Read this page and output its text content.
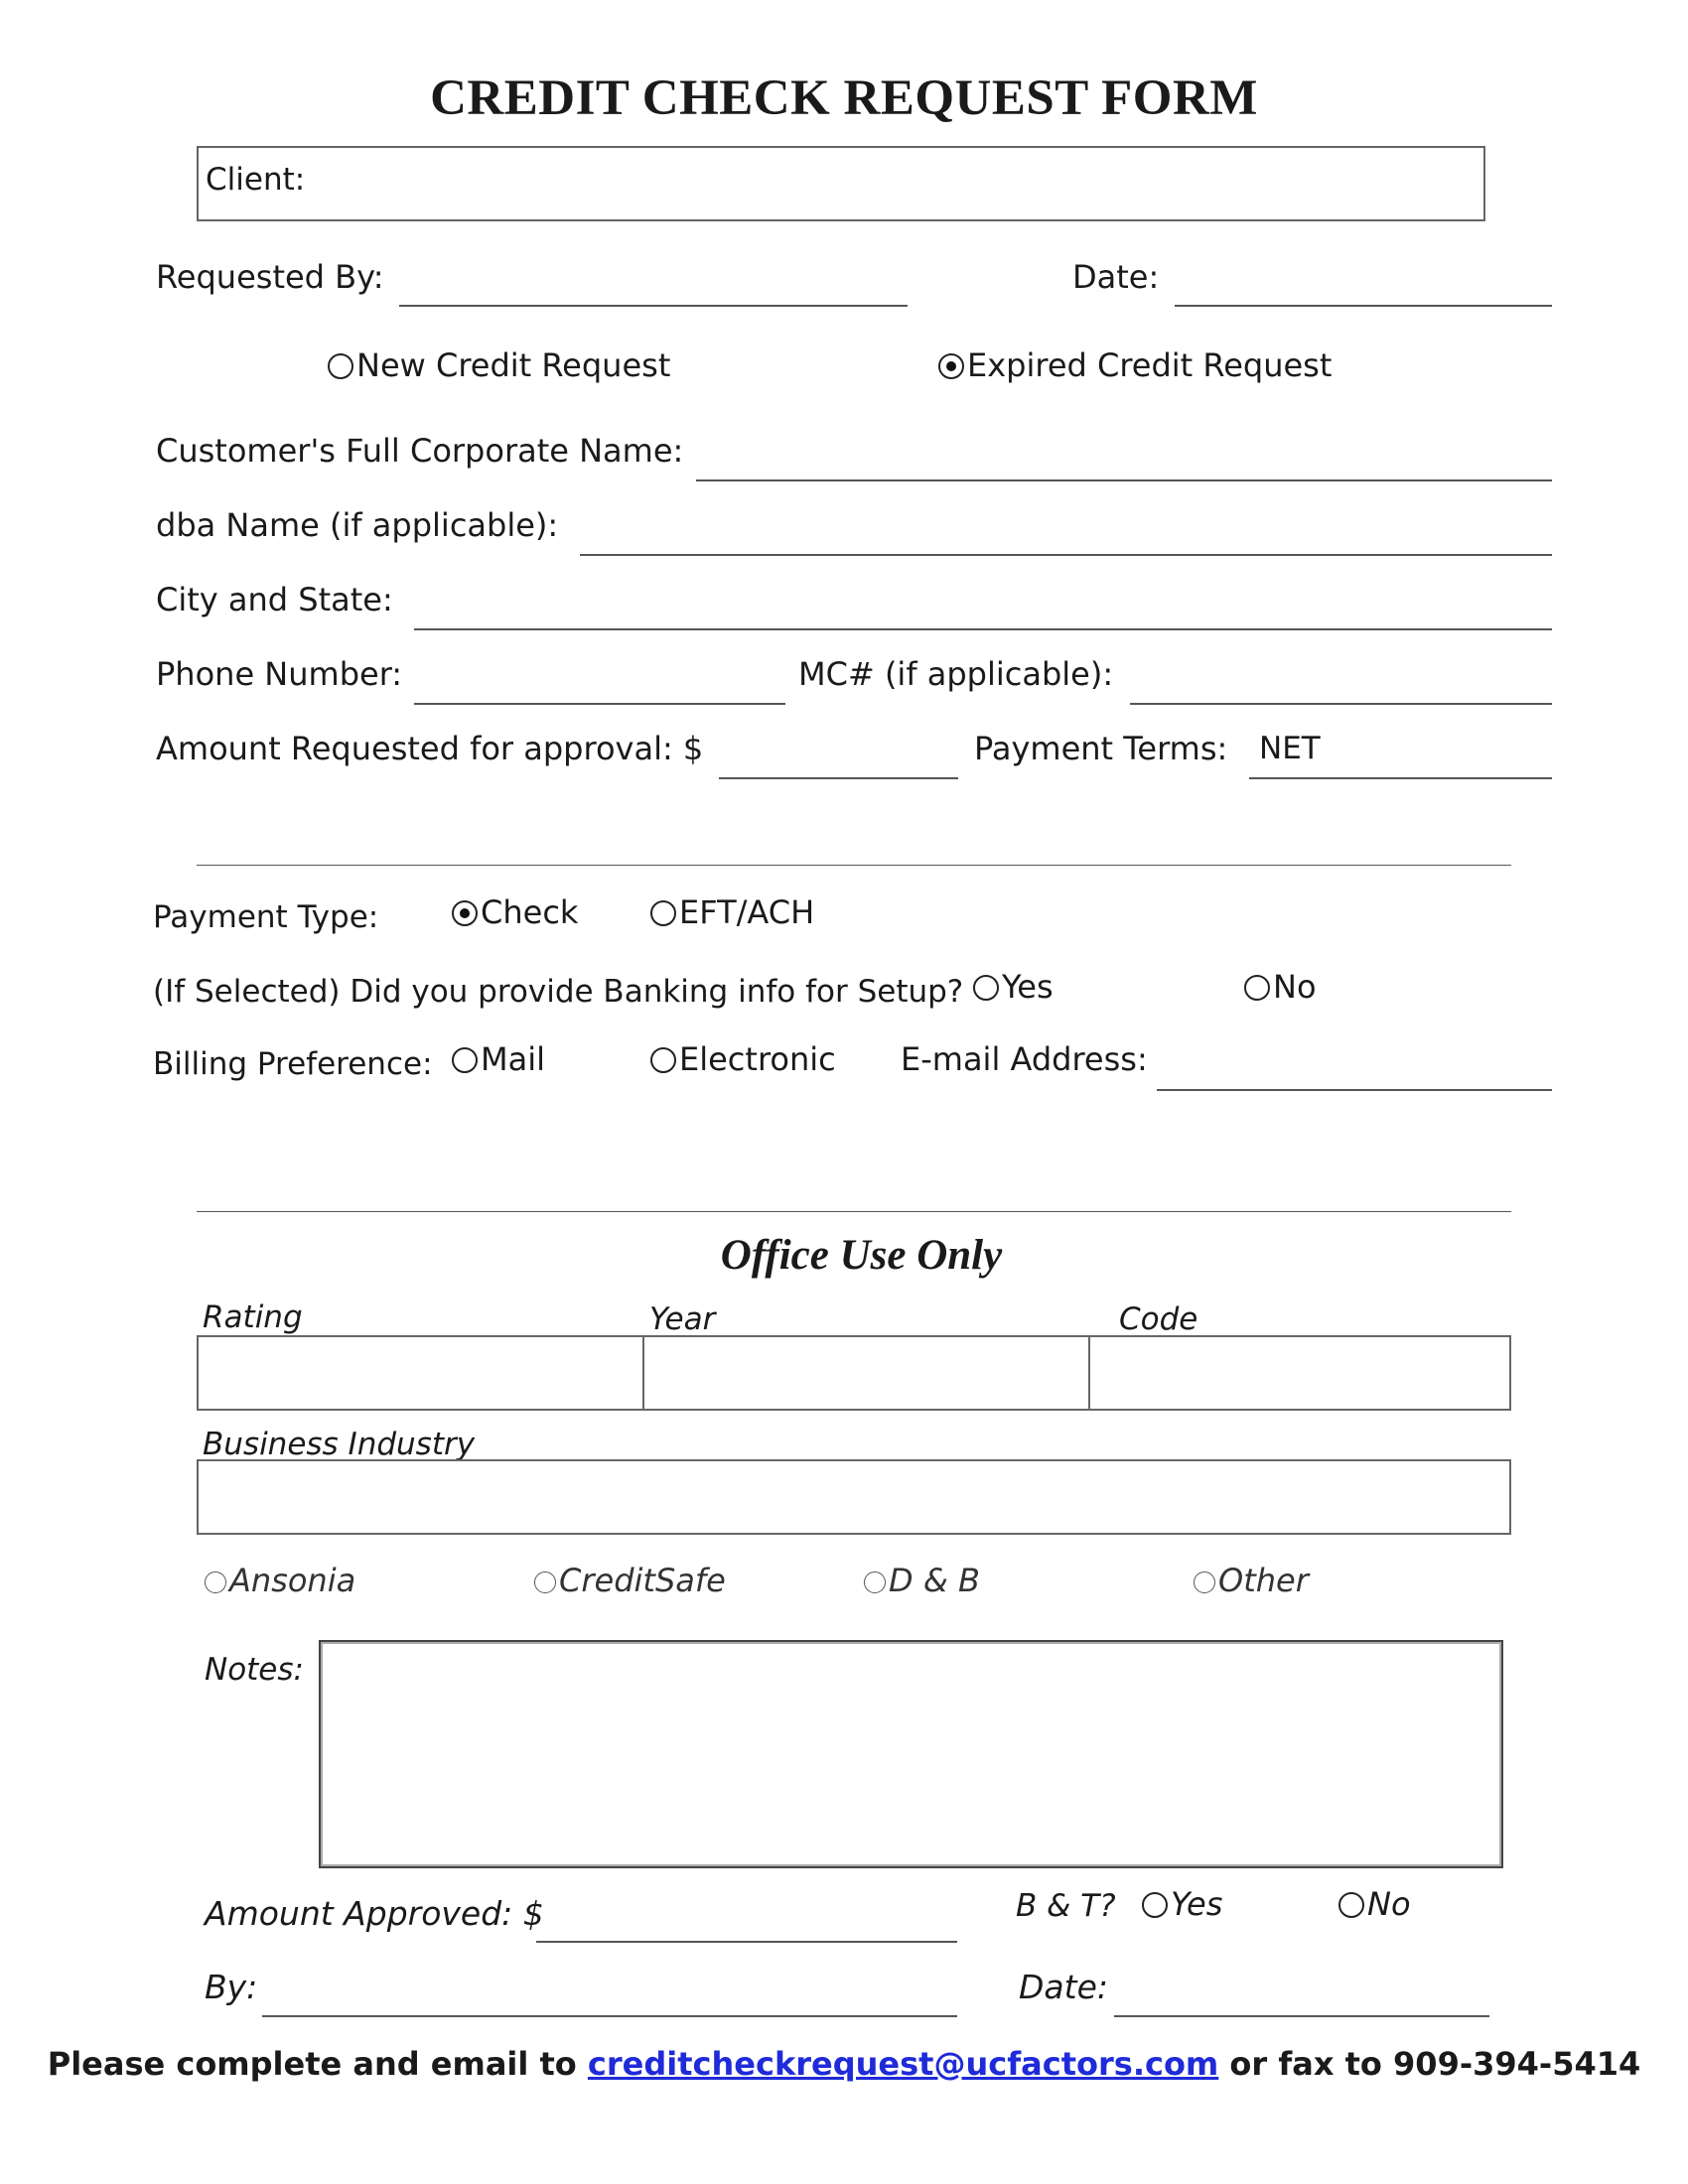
CREDIT CHECK REQUEST FORM
Client:
Requested By:	Date:
New Credit Request	Expired Credit Request
Customer's Full Corporate Name:
dba Name (if applicable):
City and State:
Phone Number:	MC# (if applicable):
Amount Requested for approval: $	Payment Terms: NET
Payment Type:	Check	EFT/ACH
(If Selected) Did you provide Banking info for Setup?	Yes	No
Billing Preference:	Mail	Electronic E-mail Address:
Office Use Only
Rating	Year	Code
Business Industry
Ansonia	CreditSafe	D & B	Other
Notes:
Amount Approved: $	B & T?	Yes	No
By:	Date:
Please complete and email to creditcheckrequest@ucfactors.com or fax to 909-394-5414
